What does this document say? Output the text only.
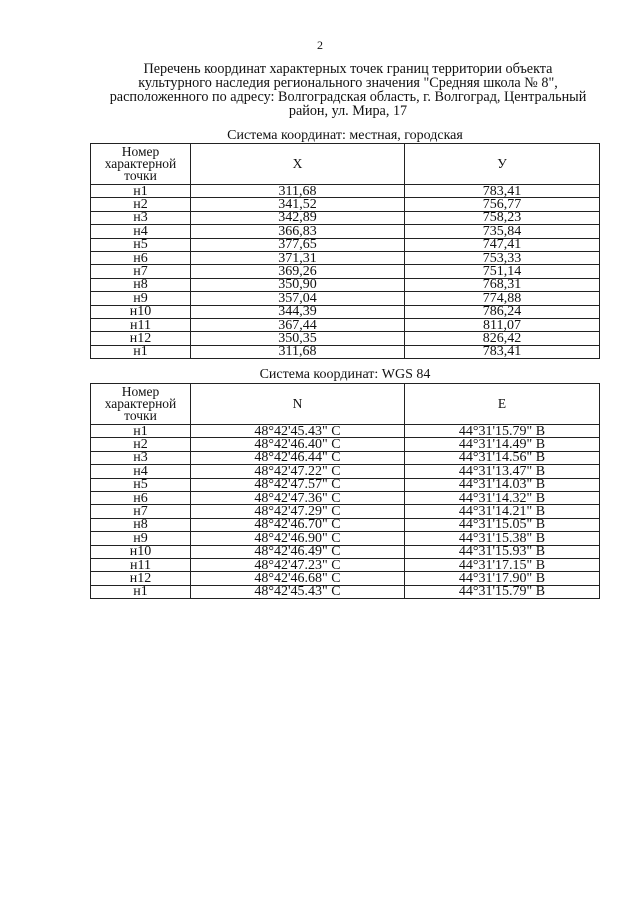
2
Перечень координат характерных точек границ территории объекта
культурного наследия регионального значения "Средняя школа № 8",
расположенного по адресу: Волгоградская область, г. Волгоград, Центральный
район, ул. Мира, 17
Система координат: местная, городская
Номер характерной точки	X	У
н1	311,68	783,41
н2	341,52	756,77
н3	342,89	758,23
н4	366,83	735,84
н5	377,65	747,41
н6	371,31	753,33
н7	369,26	751,14
н8	350,90	768,31
н9	357,04	774,88
н10	344,39	786,24
н11	367,44	811,07
н12	350,35	826,42
н1	311,68	783,41
Система координат: WGS 84
Номер характерной точки	N	E
н1	48°42'45.43" С	44°31'15.79" В
н2	48°42'46.40" С	44°31'14.49" В
н3	48°42'46.44" С	44°31'14.56" В
н4	48°42'47.22" С	44°31'13.47" В
н5	48°42'47.57" С	44°31'14.03" В
н6	48°42'47.36" С	44°31'14.32" В
н7	48°42'47.29" С	44°31'14.21" В
н8	48°42'46.70" С	44°31'15.05" В
н9	48°42'46.90" С	44°31'15.38" В
н10	48°42'46.49" С	44°31'15.93" В
н11	48°42'47.23" С	44°31'17.15" В
н12	48°42'46.68" С	44°31'17.90" В
н1	48°42'45.43" С	44°31'15.79" В
